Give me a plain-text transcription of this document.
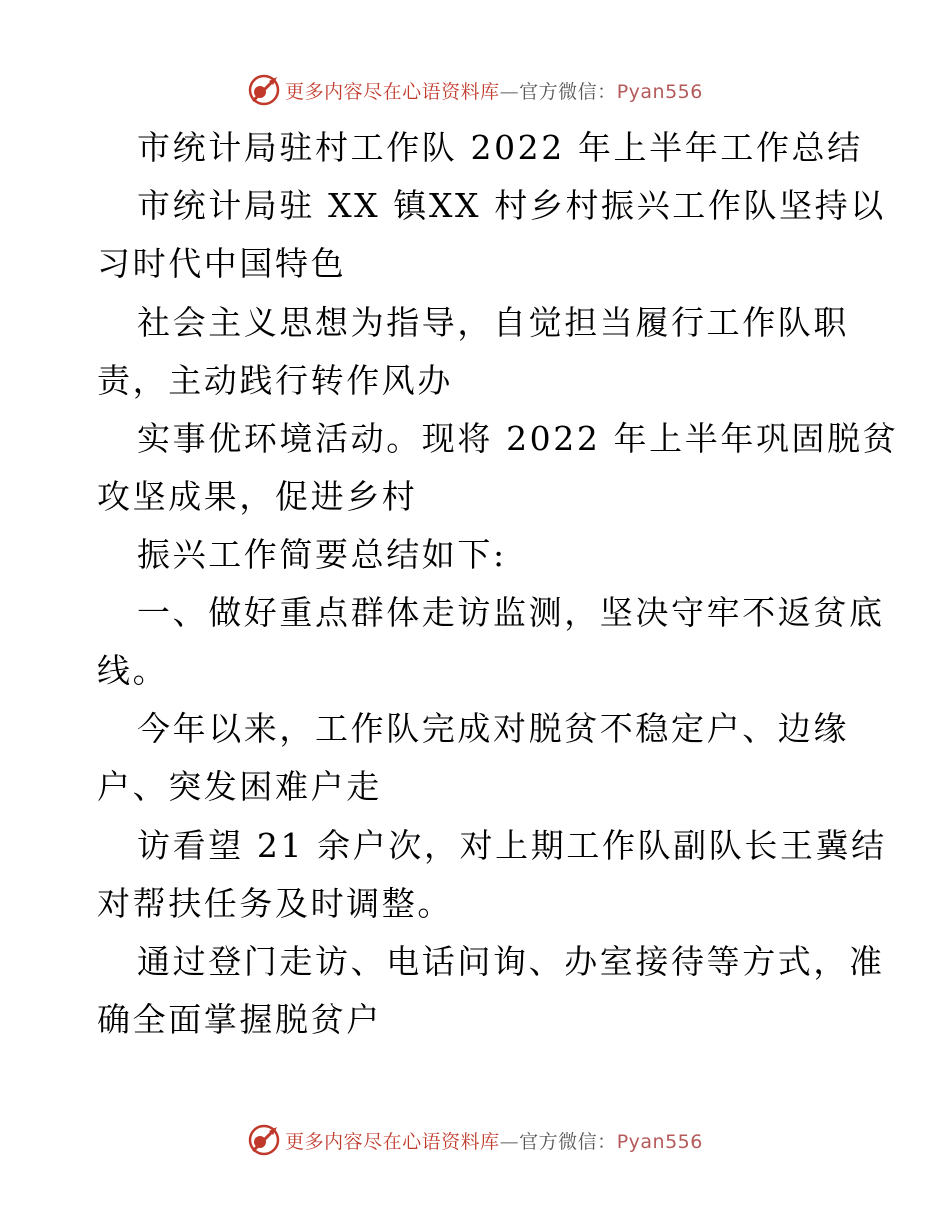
更多内容尽在心语资料库—官方微信：Pyan556
市统计局驻村工作队 2022 年上半年工作总结
市统计局驻 XX 镇XX 村乡村振兴工作队坚持以
习时代中国特色
社会主义思想为指导，自觉担当履行工作队职
责，主动践行转作风办
实事优环境活动。现将 2022 年上半年巩固脱贫
攻坚成果，促进乡村
振兴工作简要总结如下:
一、做好重点群体走访监测，坚决守牢不返贫底
线。
今年以来，工作队完成对脱贫不稳定户、边缘
户、突发困难户走
访看望 21 余户次，对上期工作队副队长王冀结
对帮扶任务及时调整。
通过登门走访、电话问询、办室接待等方式，准
确全面掌握脱贫户
更多内容尽在心语资料库—官方微信：Pyan556
